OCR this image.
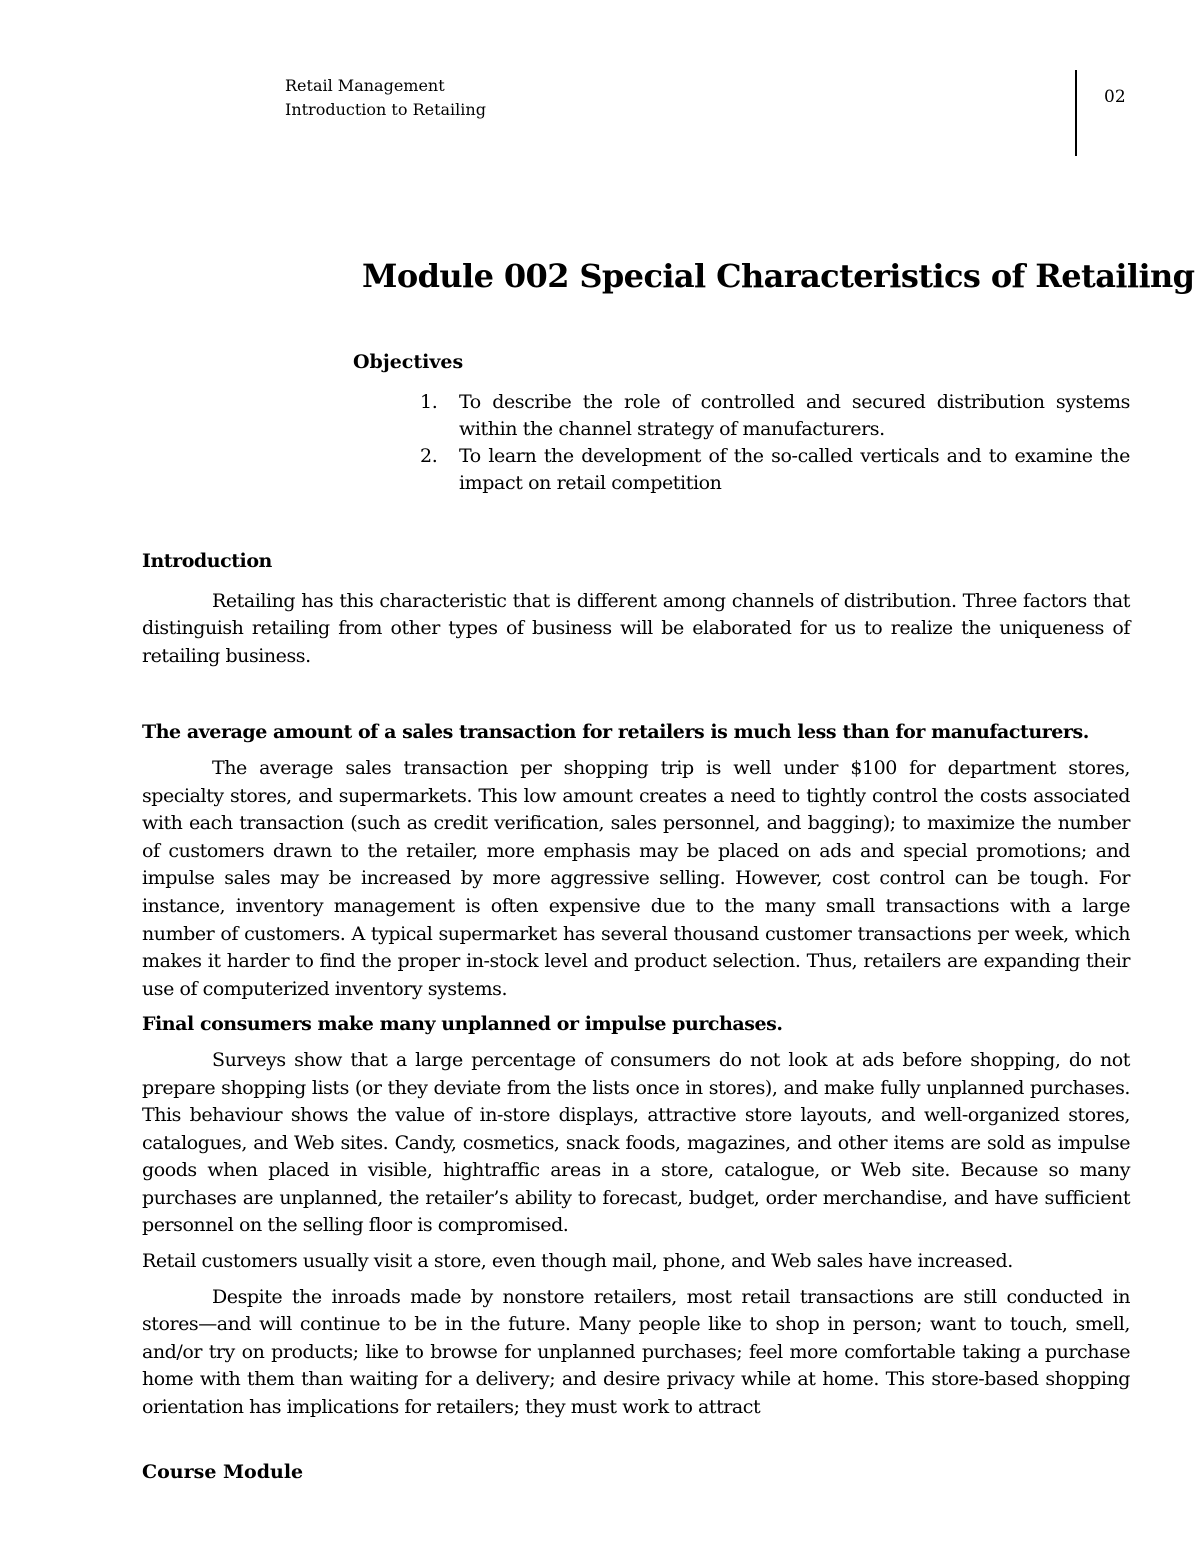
Retail Management
Introduction to Retailing
02
Module 002 Special Characteristics of Retailing
Objectives
1. To describe the role of controlled and secured distribution systems within the channel strategy of manufacturers.
2. To learn the development of the so-called verticals and to examine the impact on retail competition
Introduction

Retailing has this characteristic that is different among channels of distribution. Three factors that distinguish retailing from other types of business will be elaborated for us to realize the uniqueness of retailing business.

The average amount of a sales transaction for retailers is much less than for manufacturers.

The average sales transaction per shopping trip is well under $100 for department stores, specialty stores, and supermarkets. This low amount creates a need to tightly control the costs associated with each transaction (such as credit verification, sales personnel, and bagging); to maximize the number of customers drawn to the retailer, more emphasis may be placed on ads and special promotions; and impulse sales may be increased by more aggressive selling. However, cost control can be tough. For instance, inventory management is often expensive due to the many small transactions with a large number of customers. A typical supermarket has several thousand customer transactions per week, which makes it harder to find the proper in-stock level and product selection. Thus, retailers are expanding their use of computerized inventory systems.

Final consumers make many unplanned or impulse purchases.

Surveys show that a large percentage of consumers do not look at ads before shopping, do not prepare shopping lists (or they deviate from the lists once in stores), and make fully unplanned purchases. This behaviour shows the value of in-store displays, attractive store layouts, and well-organized stores, catalogues, and Web sites. Candy, cosmetics, snack foods, magazines, and other items are sold as impulse goods when placed in visible, hightraffic areas in a store, catalogue, or Web site. Because so many purchases are unplanned, the retailer’s ability to forecast, budget, order merchandise, and have sufficient personnel on the selling floor is compromised.

Retail customers usually visit a store, even though mail, phone, and Web sales have increased.

Despite the inroads made by nonstore retailers, most retail transactions are still conducted in stores—and will continue to be in the future. Many people like to shop in person; want to touch, smell, and/or try on products; like to browse for unplanned purchases; feel more comfortable taking a purchase home with them than waiting for a delivery; and desire privacy while at home. This store-based shopping orientation has implications for retailers; they must work to attract

Course Module
